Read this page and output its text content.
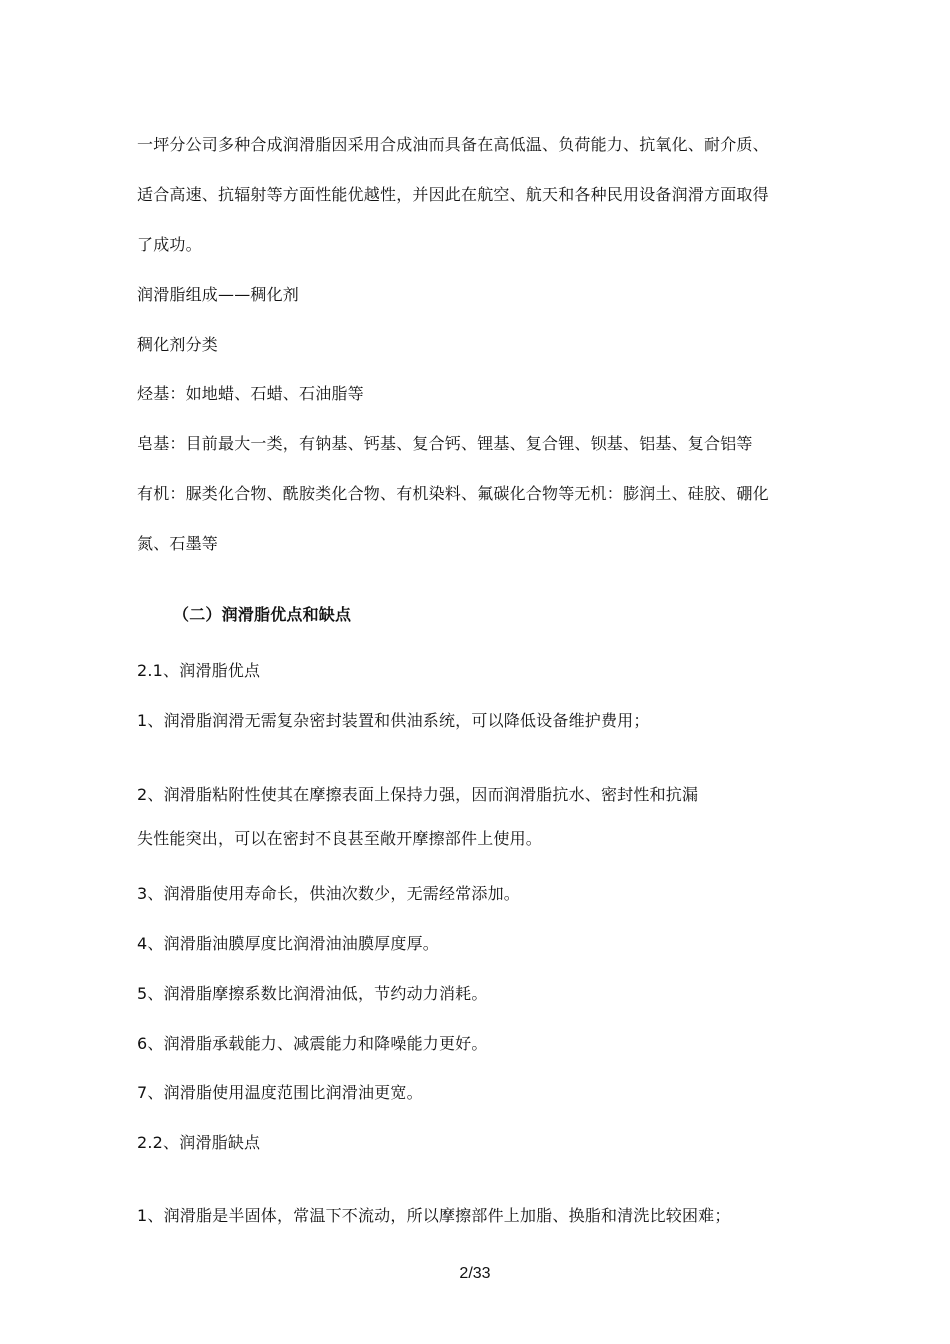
一坪分公司多种合成润滑脂因采用合成油而具备在高低温、负荷能力、抗氧化、耐介质、
适合高速、抗辐射等方面性能优越性，并因此在航空、航天和各种民用设备润滑方面取得
了成功。
润滑脂组成——稠化剂
稠化剂分类
烃基：如地蜡、石蜡、石油脂等
皂基：目前最大一类，有钠基、钙基、复合钙、锂基、复合锂、钡基、铝基、复合铝等
有机：脲类化合物、酰胺类化合物、有机染料、氟碳化合物等无机：膨润土、硅胶、硼化
氮、石墨等
（二）润滑脂优点和缺点
2.1、润滑脂优点
1、润滑脂润滑无需复杂密封装置和供油系统，可以降低设备维护费用；
2、润滑脂粘附性使其在摩擦表面上保持力强，因而润滑脂抗水、密封性和抗漏
失性能突出，可以在密封不良甚至敞开摩擦部件上使用。
3、润滑脂使用寿命长，供油次数少，无需经常添加。
4、润滑脂油膜厚度比润滑油油膜厚度厚。
5、润滑脂摩擦系数比润滑油低，节约动力消耗。
6、润滑脂承载能力、减震能力和降噪能力更好。
7、润滑脂使用温度范围比润滑油更宽。
2.2、润滑脂缺点
1、润滑脂是半固体，常温下不流动，所以摩擦部件上加脂、换脂和清洗比较困难；
2/33
